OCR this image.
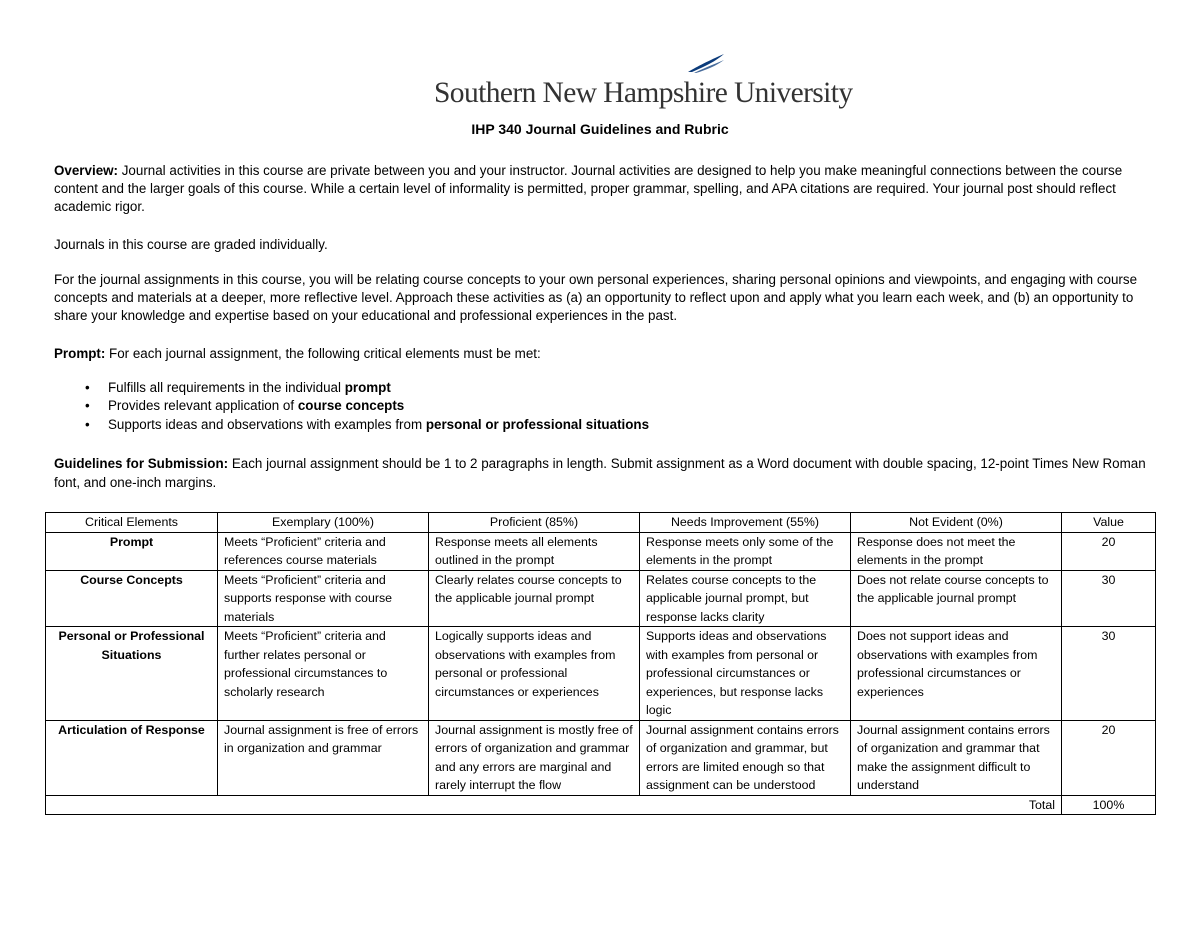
Southern New Hampshire University
IHP 340 Journal Guidelines and Rubric
Overview: Journal activities in this course are private between you and your instructor. Journal activities are designed to help you make meaningful connections between the course content and the larger goals of this course. While a certain level of informality is permitted, proper grammar, spelling, and APA citations are required. Your journal post should reflect academic rigor.
Journals in this course are graded individually.
For the journal assignments in this course, you will be relating course concepts to your own personal experiences, sharing personal opinions and viewpoints, and engaging with course concepts and materials at a deeper, more reflective level. Approach these activities as (a) an opportunity to reflect upon and apply what you learn each week, and (b) an opportunity to share your knowledge and expertise based on your educational and professional experiences in the past.
Prompt: For each journal assignment, the following critical elements must be met:
• Fulfills all requirements in the individual prompt
• Provides relevant application of course concepts
• Supports ideas and observations with examples from personal or professional situations
Guidelines for Submission: Each journal assignment should be 1 to 2 paragraphs in length. Submit assignment as a Word document with double spacing, 12-point Times New Roman font, and one-inch margins.
Critical Elements	Exemplary (100%)	Proficient (85%)	Needs Improvement (55%)	Not Evident (0%)	Value
Prompt	Meets “Proficient” criteria and references course materials	Response meets all elements outlined in the prompt	Response meets only some of the elements in the prompt	Response does not meet the elements in the prompt	20
Course Concepts	Meets “Proficient” criteria and supports response with course materials	Clearly relates course concepts to the applicable journal prompt	Relates course concepts to the applicable journal prompt, but response lacks clarity	Does not relate course concepts to the applicable journal prompt	30
Personal or Professional Situations	Meets “Proficient” criteria and further relates personal or professional circumstances to scholarly research	Logically supports ideas and observations with examples from personal or professional circumstances or experiences	Supports ideas and observations with examples from personal or professional circumstances or experiences, but response lacks logic	Does not support ideas and observations with examples from professional circumstances or experiences	30
Articulation of Response	Journal assignment is free of errors in organization and grammar	Journal assignment is mostly free of errors of organization and grammar and any errors are marginal and rarely interrupt the flow	Journal assignment contains errors of organization and grammar, but errors are limited enough so that assignment can be understood	Journal assignment contains errors of organization and grammar that make the assignment difficult to understand	20
Total					100%
